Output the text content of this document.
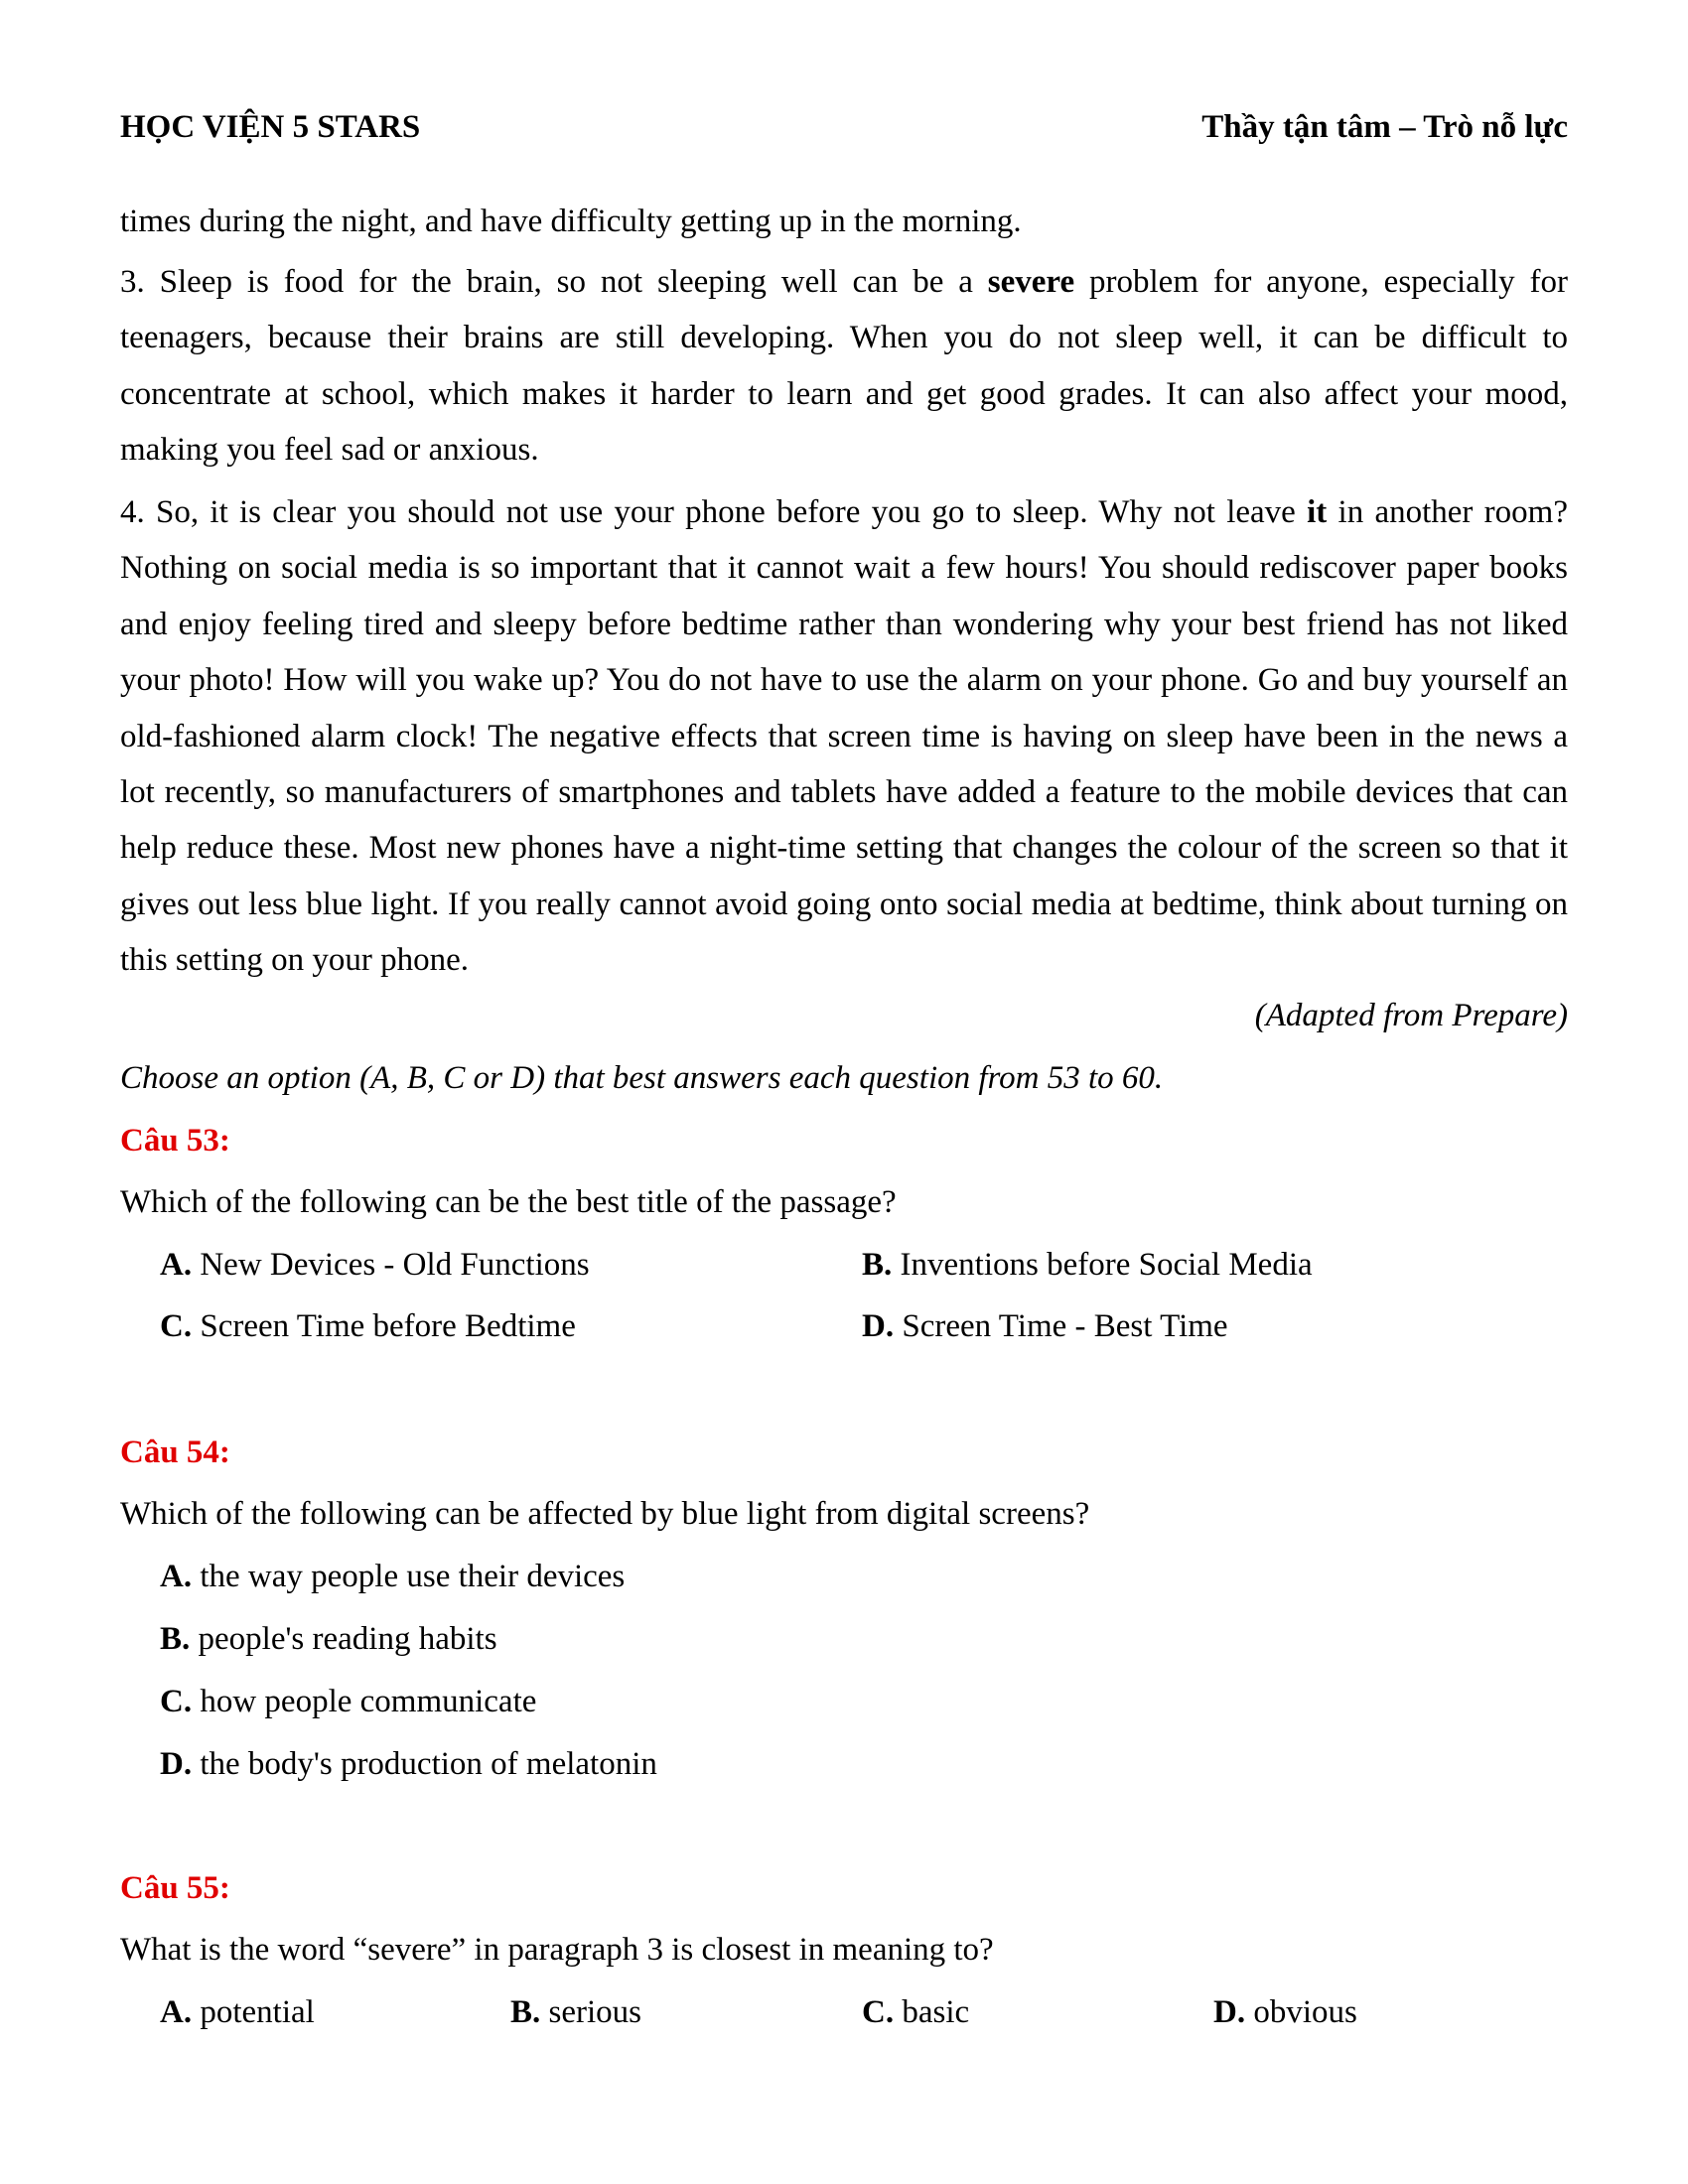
HỌC VIỆN 5 STARS	Thầy tận tâm – Trò nỗ lực

times during the night, and have difficulty getting up in the morning.

3. Sleep is food for the brain, so not sleeping well can be a severe problem for anyone, especially for teenagers, because their brains are still developing. When you do not sleep well, it can be difficult to concentrate at school, which makes it harder to learn and get good grades. It can also affect your mood, making you feel sad or anxious.

4. So, it is clear you should not use your phone before you go to sleep. Why not leave it in another room? Nothing on social media is so important that it cannot wait a few hours! You should rediscover paper books and enjoy feeling tired and sleepy before bedtime rather than wondering why your best friend has not liked your photo! How will you wake up? You do not have to use the alarm on your phone. Go and buy yourself an old-fashioned alarm clock! The negative effects that screen time is having on sleep have been in the news a lot recently, so manufacturers of smartphones and tablets have added a feature to the mobile devices that can help reduce these. Most new phones have a night-time setting that changes the colour of the screen so that it gives out less blue light. If you really cannot avoid going onto social media at bedtime, think about turning on this setting on your phone.

(Adapted from Prepare)
Choose an option (A, B, C or D) that best answers each question from 53 to 60.
Câu 53:
Which of the following can be the best title of the passage?
A. New Devices - Old Functions	B. Inventions before Social Media
C. Screen Time before Bedtime	D. Screen Time - Best Time
Câu 54:
Which of the following can be affected by blue light from digital screens?
A. the way people use their devices
B. people's reading habits
C. how people communicate
D. the body's production of melatonin
Câu 55:
What is the word “severe” in paragraph 3 is closest in meaning to?
A. potential	B. serious	C. basic	D. obvious
